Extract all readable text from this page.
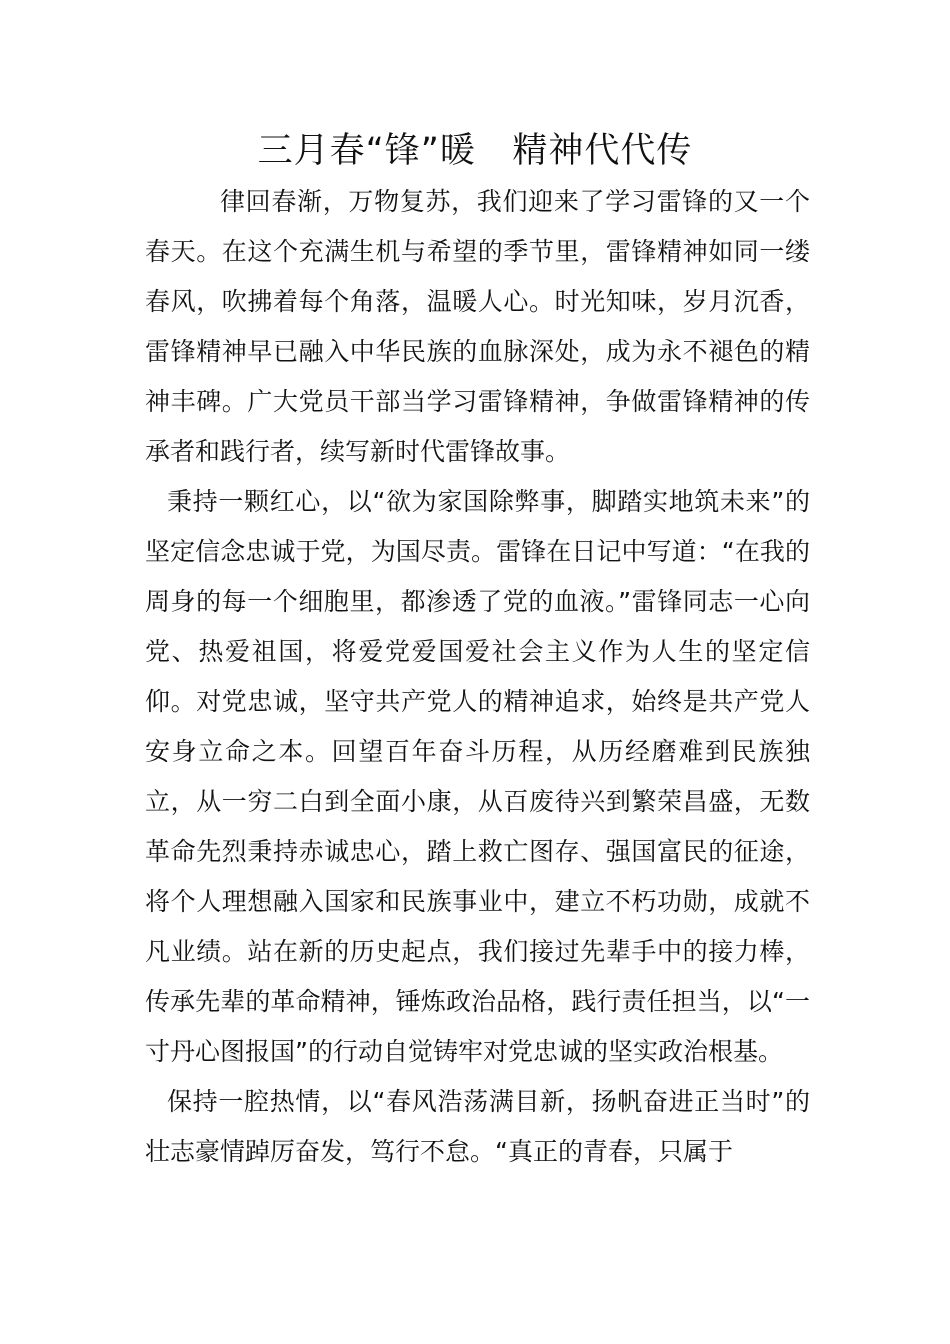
三月春“锋”暖   精神代代传

律回春渐，万物复苏，我们迎来了学习雷锋的又一个春天。在这个充满生机与希望的季节里，雷锋精神如同一缕春风，吹拂着每个角落，温暖人心。时光知味，岁月沉香，雷锋精神早已融入中华民族的血脉深处，成为永不褪色的精神丰碑。广大党员干部当学习雷锋精神，争做雷锋精神的传承者和践行者，续写新时代雷锋故事。

秉持一颗红心，以“欲为家国除弊事，脚踏实地筑未来”的坚定信念忠诚于党，为国尽责。雷锋在日记中写道：“在我的周身的每一个细胞里，都渗透了党的血液。”雷锋同志一心向党、热爱祖国，将爱党爱国爱社会主义作为人生的坚定信仰。对党忠诚，坚守共产党人的精神追求，始终是共产党人安身立命之本。回望百年奋斗历程，从历经磨难到民族独立，从一穷二白到全面小康，从百废待兴到繁荣昌盛，无数革命先烈秉持赤诚忠心，踏上救亡图存、强国富民的征途，将个人理想融入国家和民族事业中，建立不朽功勋，成就不凡业绩。站在新的历史起点，我们接过先辈手中的接力棒，传承先辈的革命精神，锤炼政治品格，践行责任担当，以“一寸丹心图报国”的行动自觉铸牢对党忠诚的坚实政治根基。

保持一腔热情，以“春风浩荡满目新，扬帆奋进正当时”的壮志豪情踔厉奋发，笃行不怠。“真正的青春，只属于
